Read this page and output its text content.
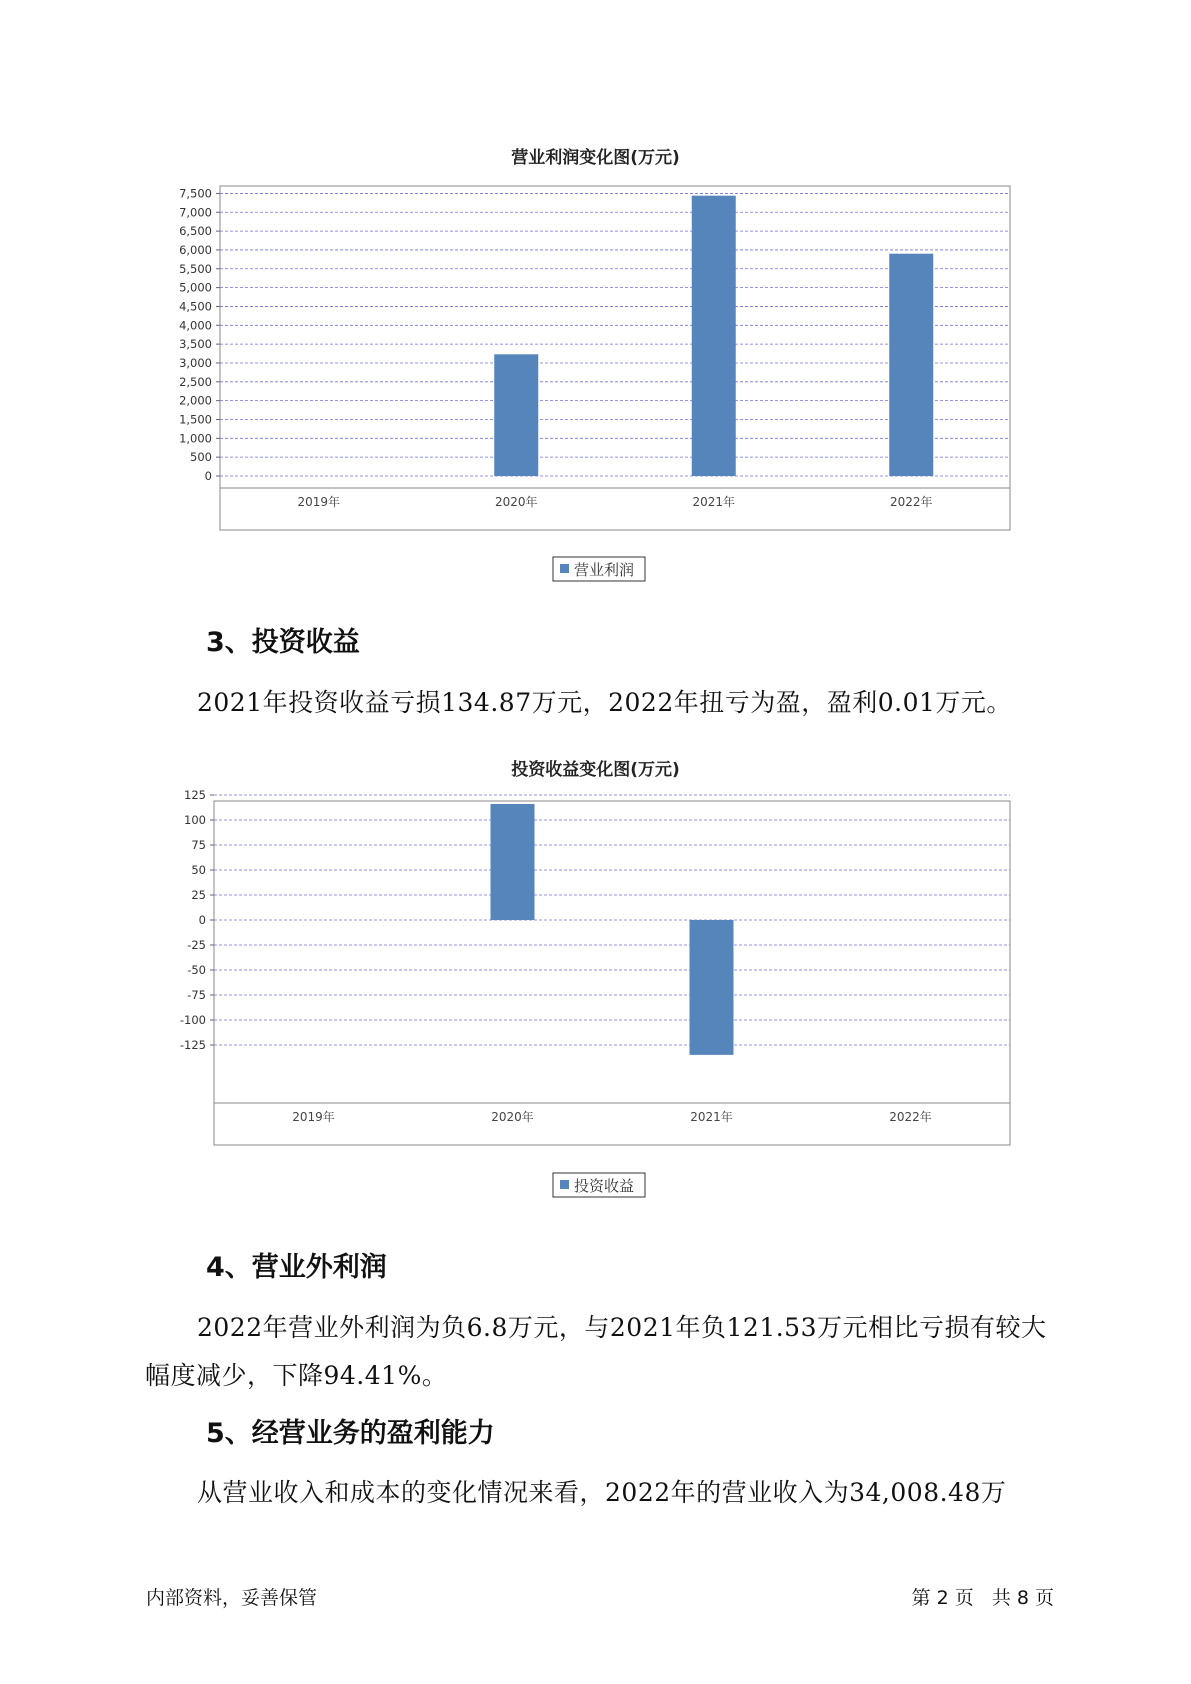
营业利润变化图(万元)
0
500
1,000
1,500
2,000
2,500
3,000
3,500
4,000
4,500
5,000
5,500
6,000
6,500
7,000
7,500
2019年	2020年	2021年	2022年
营业利润
3、投资收益

2021年投资收益亏损134.87万元，2022年扭亏为盈，盈利0.01万元。

投资收益变化图(万元)
-125
-100
-75
-50
-25
0
25
50
75
100
125
2019年	2020年	2021年	2022年
投资收益
4、营业外利润

2022年营业外利润为负6.8万元，与2021年负121.53万元相比亏损有较大幅度减少，下降94.41%。

5、经营业务的盈利能力

从营业收入和成本的变化情况来看，2022年的营业收入为34,008.48万

内部资料，妥善保管	第 2 页   共 8 页
